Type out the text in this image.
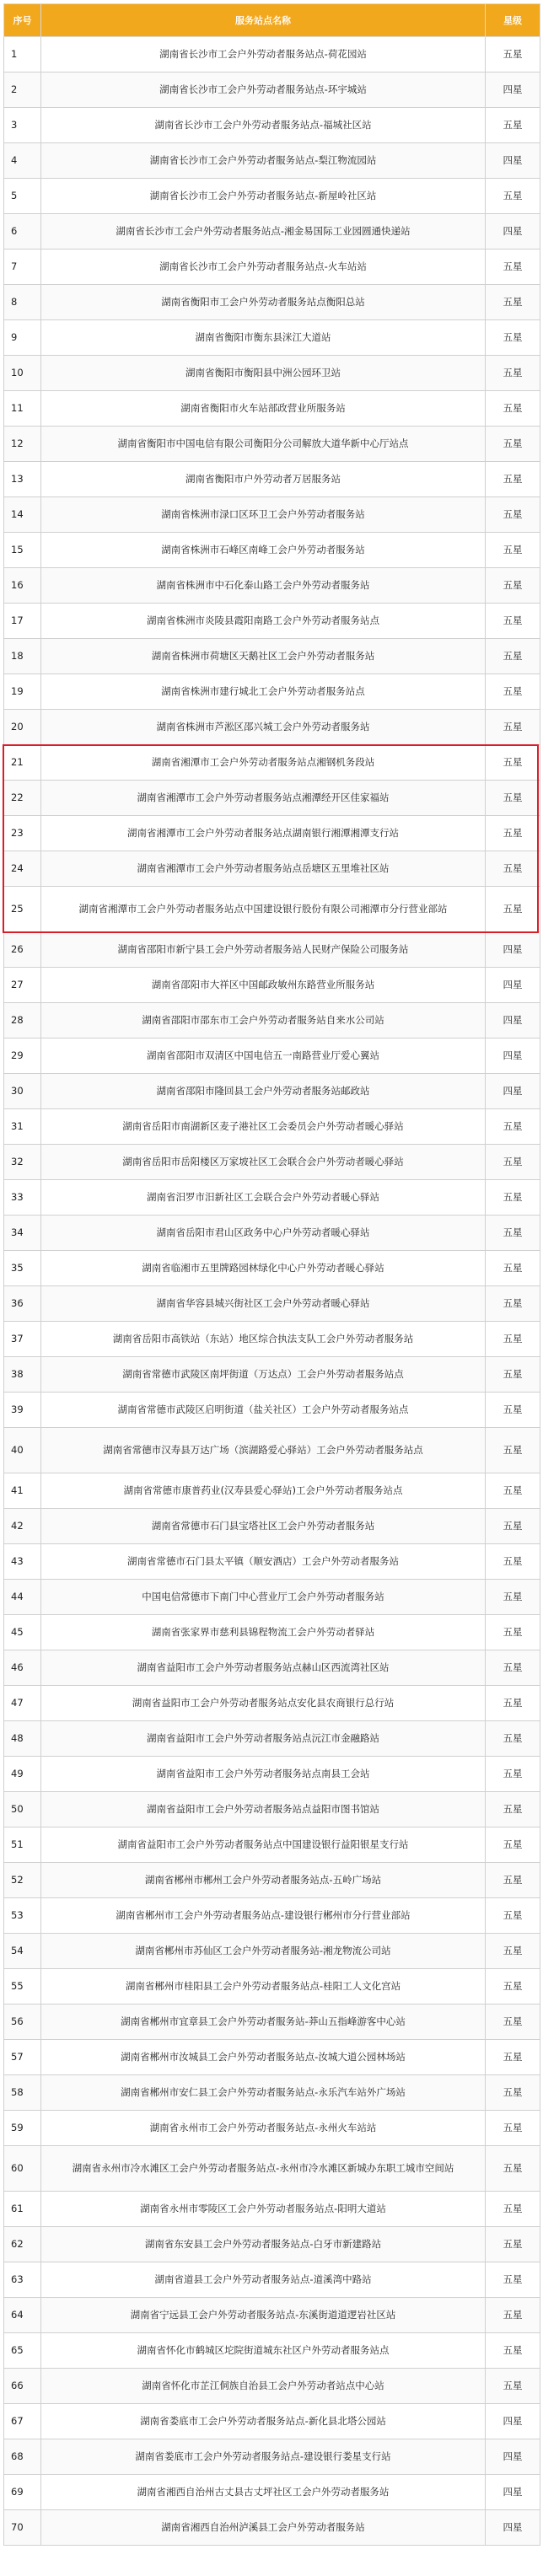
序号	服务站点名称	星级
1	湖南省长沙市工会户外劳动者服务站点-荷花园站	五星
2	湖南省长沙市工会户外劳动者服务站点-环宇城站	四星
3	湖南省长沙市工会户外劳动者服务站点-福城社区站	五星
4	湖南省长沙市工会户外劳动者服务站点-梨江物流园站	四星
5	湖南省长沙市工会户外劳动者服务站点-新屋岭社区站	五星
6	湖南省长沙市工会户外劳动者服务站点-湘金易国际工业园圆通快递站	四星
7	湖南省长沙市工会户外劳动者服务站点-火车站站	五星
8	湖南省衡阳市工会户外劳动者服务站点衡阳总站	五星
9	湖南省衡阳市衡东县洣江大道站	五星
10	湖南省衡阳市衡阳县中洲公园环卫站	五星
11	湖南省衡阳市火车站部政营业所服务站	五星
12	湖南省衡阳市中国电信有限公司衡阳分公司解放大道华新中心厅站点	五星
13	湖南省衡阳市户外劳动者万居服务站	五星
14	湖南省株洲市渌口区环卫工会户外劳动者服务站	五星
15	湖南省株洲市石峰区南峰工会户外劳动者服务站	五星
16	湖南省株洲市中石化泰山路工会户外劳动者服务站	五星
17	湖南省株洲市炎陵县霞阳南路工会户外劳动者服务站点	五星
18	湖南省株洲市荷塘区天鹅社区工会户外劳动者服务站	五星
19	湖南省株洲市建行城北工会户外劳动者服务站点	五星
20	湖南省株洲市芦淞区邵兴城工会户外劳动者服务站	五星
21	湖南省湘潭市工会户外劳动者服务站点湘钢机务段站	五星
22	湖南省湘潭市工会户外劳动者服务站点湘潭经开区佳家福站	五星
23	湖南省湘潭市工会户外劳动者服务站点湖南银行湘潭湘潭支行站	五星
24	湖南省湘潭市工会户外劳动者服务站点岳塘区五里堆社区站	五星
25	湖南省湘潭市工会户外劳动者服务站点中国建设银行股份有限公司湘潭市分行营业部站	五星
26	湖南省邵阳市新宁县工会户外劳动者服务站人民财产保险公司服务站	四星
27	湖南省邵阳市大祥区中国邮政敏州东路营业所服务站	四星
28	湖南省邵阳市邵东市工会户外劳动者服务站自来水公司站	四星
29	湖南省邵阳市双清区中国电信五一南路营业厅爱心翼站	四星
30	湖南省邵阳市隆回县工会户外劳动者服务站邮政站	四星
31	湖南省岳阳市南湖新区麦子港社区工会委员会户外劳动者暖心驿站	五星
32	湖南省岳阳市岳阳楼区万家坡社区工会联合会户外劳动者暖心驿站	五星
33	湖南省汨罗市汨新社区工会联合会户外劳动者暖心驿站	五星
34	湖南省岳阳市君山区政务中心户外劳动者暖心驿站	五星
35	湖南省临湘市五里牌路园林绿化中心户外劳动者暖心驿站	五星
36	湖南省华容县城兴街社区工会户外劳动者暖心驿站	五星
37	湖南省岳阳市高铁站（东站）地区综合执法支队工会户外劳动者服务站	五星
38	湖南省常德市武陵区南坪街道（万达点）工会户外劳动者服务站点	五星
39	湖南省常德市武陵区启明街道（盐关社区）工会户外劳动者服务站点	五星
40	湖南省常德市汉寿县万达广场（滨湖路爱心驿站）工会户外劳动者服务站点	五星
41	湖南省常德市康普药业(汉寿县爱心驿站)工会户外劳动者服务站点	五星
42	湖南省常德市石门县宝塔社区工会户外劳动者服务站	五星
43	湖南省常德市石门县太平镇（顺安酒店）工会户外劳动者服务站	五星
44	中国电信常德市下南门中心营业厅工会户外劳动者服务站	五星
45	湖南省张家界市慈利县锦程物流工会户外劳动者驿站	五星
46	湖南省益阳市工会户外劳动者服务站点赫山区西流湾社区站	五星
47	湖南省益阳市工会户外劳动者服务站点安化县农商银行总行站	五星
48	湖南省益阳市工会户外劳动者服务站点沅江市金融路站	五星
49	湖南省益阳市工会户外劳动者服务站点南县工会站	五星
50	湖南省益阳市工会户外劳动者服务站点益阳市图书馆站	五星
51	湖南省益阳市工会户外劳动者服务站点中国建设银行益阳银星支行站	五星
52	湖南省郴州市郴州工会户外劳动者服务站点-五岭广场站	五星
53	湖南省郴州市工会户外劳动者服务站点-建设银行郴州市分行营业部站	五星
54	湖南省郴州市苏仙区工会户外劳动者服务站-湘龙物流公司站	五星
55	湖南省郴州市桂阳县工会户外劳动者服务站点-桂阳工人文化宫站	五星
56	湖南省郴州市宜章县工会户外劳动者服务站-莽山五指峰游客中心站	五星
57	湖南省郴州市汝城县工会户外劳动者服务站点-汝城大道公园林场站	五星
58	湖南省郴州市安仁县工会户外劳动者服务站点-永乐汽车站外广场站	五星
59	湖南省永州市工会户外劳动者服务站点-永州火车站站	五星
60	湖南省永州市冷水滩区工会户外劳动者服务站点-永州市冷水滩区新城办东职工城市空间站	五星
61	湖南省永州市零陵区工会户外劳动者服务站点-阳明大道站	五星
62	湖南省东安县工会户外劳动者服务站点-白牙市新建路站	五星
63	湖南省道县工会户外劳动者服务站点-道溪湾中路站	五星
64	湖南省宁远县工会户外劳动者服务站点-东溪街道道逻岩社区站	五星
65	湖南省怀化市鹤城区坨院街道城东社区户外劳动者服务站点	五星
66	湖南省怀化市芷江侗族自治县工会户外劳动者站点中心站	五星
67	湖南省娄底市工会户外劳动者服务站点-新化县北塔公园站	四星
68	湖南省娄底市工会户外劳动者服务站点-建设银行娄星支行站	四星
69	湖南省湘西自治州古丈县古丈坪社区工会户外劳动者服务站	四星
70	湖南省湘西自治州泸溪县工会户外劳动者服务站	四星
